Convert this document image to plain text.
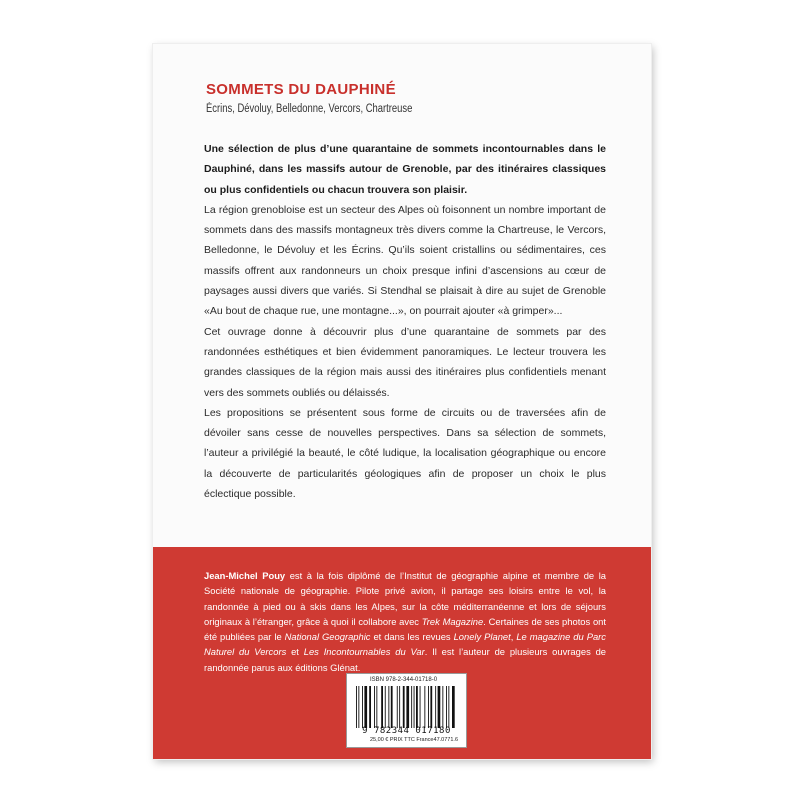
SOMMETS DU DAUPHINÉ
Écrins, Dévoluy, Belledonne, Vercors, Chartreuse

Une sélection de plus d’une quarantaine de sommets incontournables dans le Dauphiné, dans les massifs autour de Grenoble, par des itinéraires classiques ou plus confidentiels ou chacun trouvera son plaisir.

La région grenobloise est un secteur des Alpes où foisonnent un nombre important de sommets dans des massifs montagneux très divers comme la Chartreuse, le Vercors, Belledonne, le Dévoluy et les Écrins. Qu’ils soient cristallins ou sédimentaires, ces massifs offrent aux randonneurs un choix presque infini d’ascensions au cœur de paysages aussi divers que variés. Si Stendhal se plaisait à dire au sujet de Grenoble «Au bout de chaque rue, une montagne...», on pourrait ajouter «à grimper»...

Cet ouvrage donne à découvrir plus d’une quarantaine de sommets par des randonnées esthétiques et bien évidemment panoramiques. Le lecteur trouvera les grandes classiques de la région mais aussi des itinéraires plus confidentiels menant vers des sommets oubliés ou délaissés.

Les propositions se présentent sous forme de circuits ou de traversées afin de dévoiler sans cesse de nouvelles perspectives. Dans sa sélection de sommets, l’auteur a privilégié la beauté, le côté ludique, la localisation géographique ou encore la découverte de particularités géologiques afin de proposer un choix le plus éclectique possible.

Jean-Michel Pouy est à la fois diplômé de l’Institut de géographie alpine et membre de la Société nationale de géographie. Pilote privé avion, il partage ses loisirs entre le vol, la randonnée à pied ou à skis dans les Alpes, sur la côte méditerranéenne et lors de séjours originaux à l’étranger, grâce à quoi il collabore avec Trek Magazine. Certaines de ses photos ont été publiées par le National Geographic et dans les revues Lonely Planet, Le magazine du Parc Naturel du Vercors et Les Incontournables du Var. Il est l’auteur de plusieurs ouvrages de randonnée parus aux éditions Glénat.

ISBN 978-2-344-01718-0
9 782344 017180
25,00 € PRIX TTC France 47.0771.6
